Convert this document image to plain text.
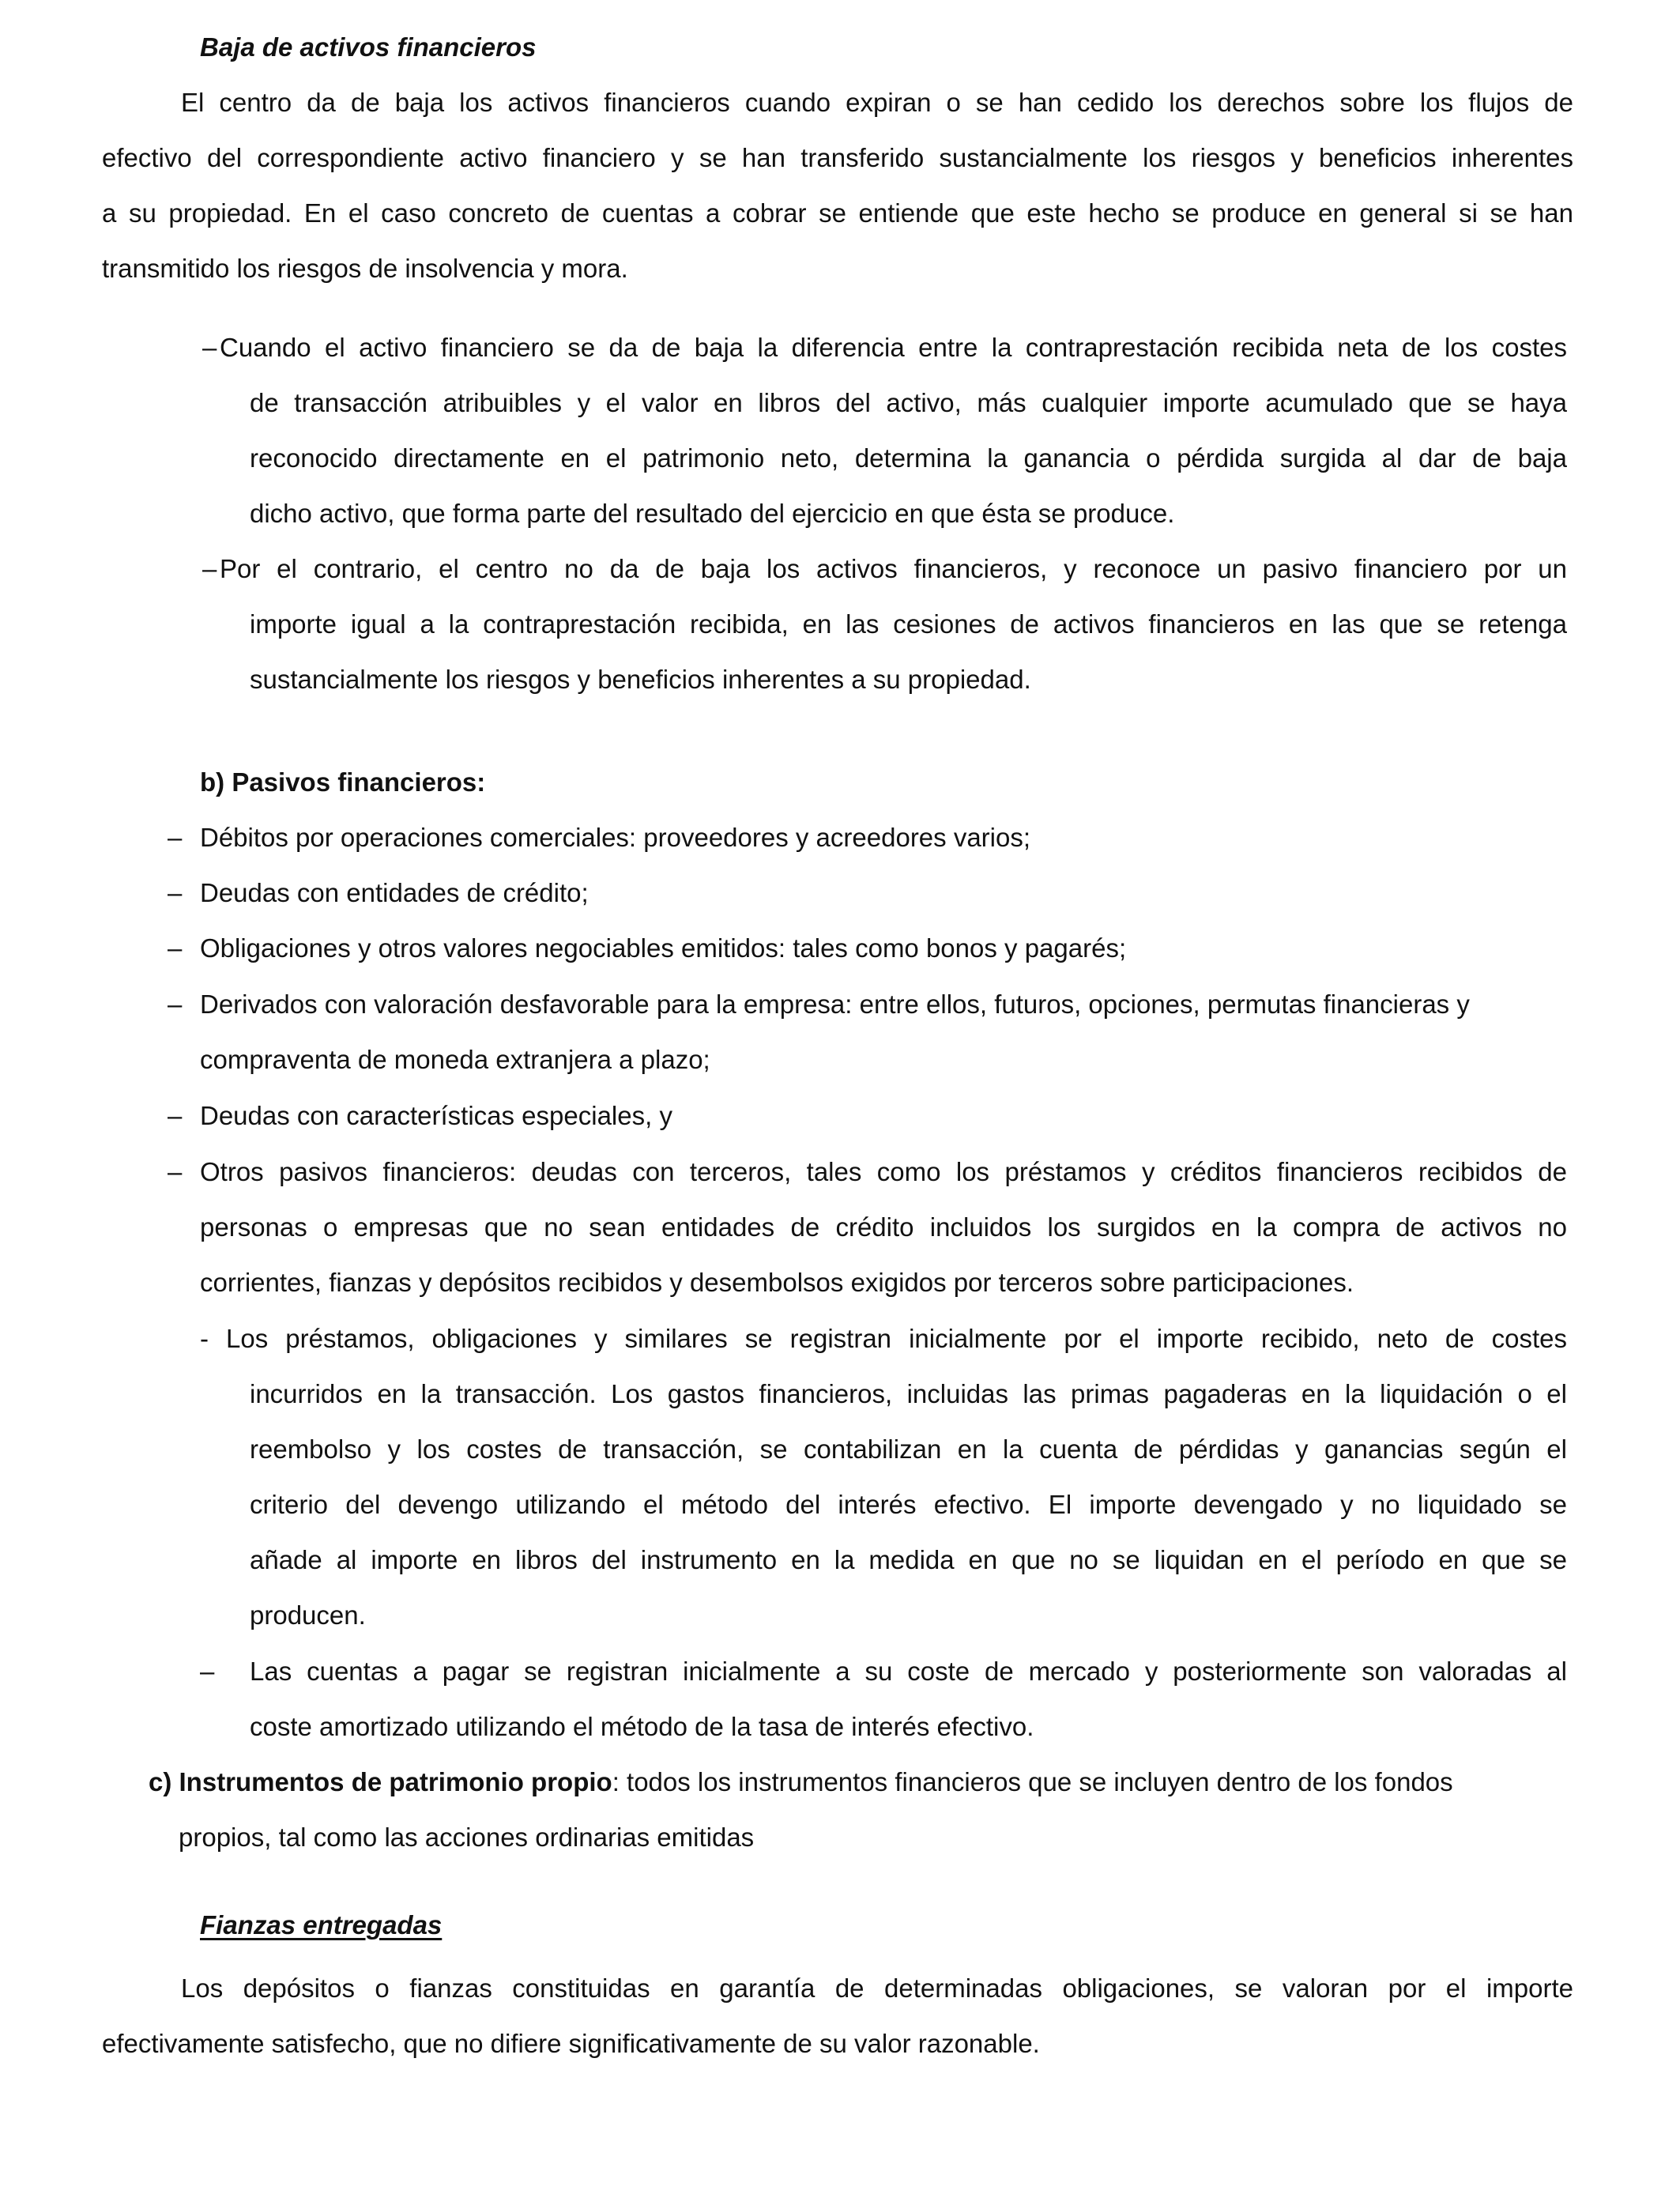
Baja de activos financieros
El centro da de baja los activos financieros cuando expiran o se han cedido los derechos sobre los flujos de
efectivo del correspondiente activo financiero y se han transferido sustancialmente los riesgos y beneficios inherentes
a su propiedad. En el caso concreto de cuentas a cobrar se entiende que este hecho se produce en general si se han
transmitido los riesgos de insolvencia y mora.
– Cuando el activo financiero se da de baja la diferencia entre la contraprestación recibida neta de los costes
de transacción atribuibles y el valor en libros del activo, más cualquier importe acumulado que se haya
reconocido directamente en el patrimonio neto, determina la ganancia o pérdida surgida al dar de baja
dicho activo, que forma parte del resultado del ejercicio en que ésta se produce.
– Por el contrario, el centro no da de baja los activos financieros, y reconoce un pasivo financiero por un
importe igual a la contraprestación recibida, en las cesiones de activos financieros en las que se retenga
sustancialmente los riesgos y beneficios inherentes a su propiedad.
b) Pasivos financieros:
– Débitos por operaciones comerciales: proveedores y acreedores varios;
– Deudas con entidades de crédito;
– Obligaciones y otros valores negociables emitidos: tales como bonos y pagarés;
– Derivados con valoración desfavorable para la empresa: entre ellos, futuros, opciones, permutas financieras y
compraventa de moneda extranjera a plazo;
– Deudas con características especiales, y
– Otros pasivos financieros: deudas con terceros, tales como los préstamos y créditos financieros recibidos de
personas o empresas que no sean entidades de crédito incluidos los surgidos en la compra de activos no
corrientes, fianzas y depósitos recibidos y desembolsos exigidos por terceros sobre participaciones.
- Los préstamos, obligaciones y similares se registran inicialmente por el importe recibido, neto de costes
incurridos en la transacción. Los gastos financieros, incluidas las primas pagaderas en la liquidación o el
reembolso y los costes de transacción, se contabilizan en la cuenta de pérdidas y ganancias según el
criterio del devengo utilizando el método del interés efectivo. El importe devengado y no liquidado se
añade al importe en libros del instrumento en la medida en que no se liquidan en el período en que se
producen.
– Las cuentas a pagar se registran inicialmente a su coste de mercado y posteriormente son valoradas al
coste amortizado utilizando el método de la tasa de interés efectivo.
c) Instrumentos de patrimonio propio: todos los instrumentos financieros que se incluyen dentro de los fondos
propios, tal como las acciones ordinarias emitidas
Fianzas entregadas
Los depósitos o fianzas constituidas en garantía de determinadas obligaciones, se valoran por el importe
efectivamente satisfecho, que no difiere significativamente de su valor razonable.
